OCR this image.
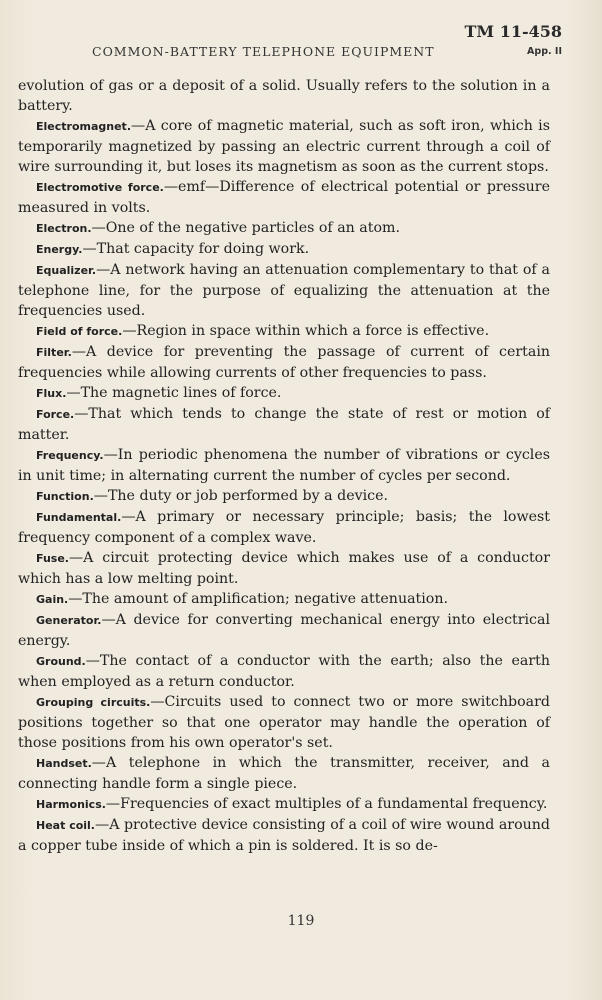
TM 11-458
COMMON-BATTERY TELEPHONE EQUIPMENT	App. II

evolution of gas or a deposit of a solid. Usually refers to the solution in a battery.

Electromagnet.—A core of magnetic material, such as soft iron, which is temporarily magnetized by passing an electric current through a coil of wire surrounding it, but loses its magnetism as soon as the current stops.

Electromotive force.—emf—Difference of electrical potential or pressure measured in volts.

Electron.—One of the negative particles of an atom.

Energy.—That capacity for doing work.

Equalizer.—A network having an attenuation complementary to that of a telephone line, for the purpose of equalizing the attenuation at the frequencies used.

Field of force.—Region in space within which a force is effective.

Filter.—A device for preventing the passage of current of certain frequencies while allowing currents of other frequencies to pass.

Flux.—The magnetic lines of force.

Force.—That which tends to change the state of rest or motion of matter.

Frequency.—In periodic phenomena the number of vibrations or cycles in unit time; in alternating current the number of cycles per second.

Function.—The duty or job performed by a device.

Fundamental.—A primary or necessary principle; basis; the lowest frequency component of a complex wave.

Fuse.—A circuit protecting device which makes use of a conductor which has a low melting point.

Gain.—The amount of amplification; negative attenuation.

Generator.—A device for converting mechanical energy into electrical energy.

Ground.—The contact of a conductor with the earth; also the earth when employed as a return conductor.

Grouping circuits.—Circuits used to connect two or more switchboard positions together so that one operator may handle the operation of those positions from his own operator's set.

Handset.—A telephone in which the transmitter, receiver, and a connecting handle form a single piece.

Harmonics.—Frequencies of exact multiples of a fundamental frequency.

Heat coil.—A protective device consisting of a coil of wire wound around a copper tube inside of which a pin is soldered. It is so de-

119
